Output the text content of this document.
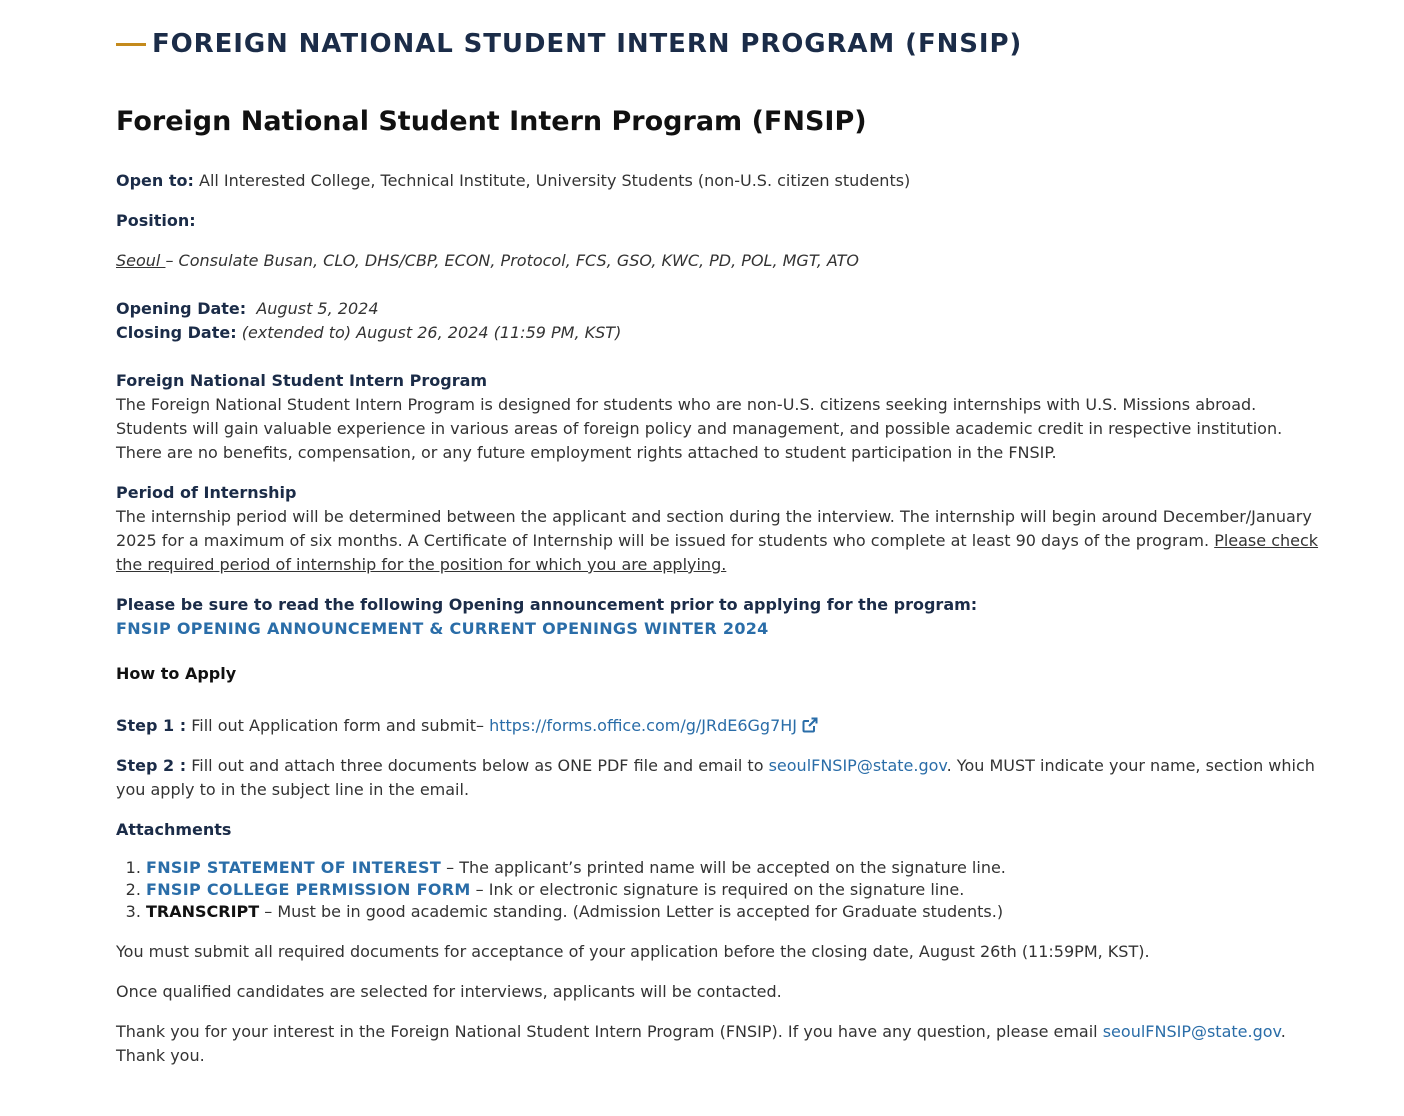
FOREIGN NATIONAL STUDENT INTERN PROGRAM (FNSIP)
Foreign National Student Intern Program (FNSIP)
Open to: All Interested College, Technical Institute, University Students (non-U.S. citizen students)
Position:
Seoul – Consulate Busan, CLO, DHS/CBP, ECON, Protocol, FCS, GSO, KWC, PD, POL, MGT, ATO
Opening Date: August 5, 2024
Closing Date: (extended to) August 26, 2024 (11:59 PM, KST)
Foreign National Student Intern Program
The Foreign National Student Intern Program is designed for students who are non-U.S. citizens seeking internships with U.S. Missions abroad. Students will gain valuable experience in various areas of foreign policy and management, and possible academic credit in respective institution. There are no benefits, compensation, or any future employment rights attached to student participation in the FNSIP.
Period of Internship
The internship period will be determined between the applicant and section during the interview. The internship will begin around December/January 2025 for a maximum of six months. A Certificate of Internship will be issued for students who complete at least 90 days of the program. Please check the required period of internship for the position for which you are applying.
Please be sure to read the following Opening announcement prior to applying for the program:
FNSIP OPENING ANNOUNCEMENT & CURRENT OPENINGS WINTER 2024
How to Apply
Step 1 : Fill out Application form and submit– https://forms.office.com/g/JRdE6Gg7HJ
Step 2 : Fill out and attach three documents below as ONE PDF file and email to seoulFNSIP@state.gov. You MUST indicate your name, section which you apply to in the subject line in the email.
Attachments
1. FNSIP STATEMENT OF INTEREST – The applicant’s printed name will be accepted on the signature line.
2. FNSIP COLLEGE PERMISSION FORM – Ink or electronic signature is required on the signature line.
3. TRANSCRIPT – Must be in good academic standing. (Admission Letter is accepted for Graduate students.)
You must submit all required documents for acceptance of your application before the closing date, August 26th (11:59PM, KST).
Once qualified candidates are selected for interviews, applicants will be contacted.
Thank you for your interest in the Foreign National Student Intern Program (FNSIP). If you have any question, please email seoulFNSIP@state.gov.
Thank you.
